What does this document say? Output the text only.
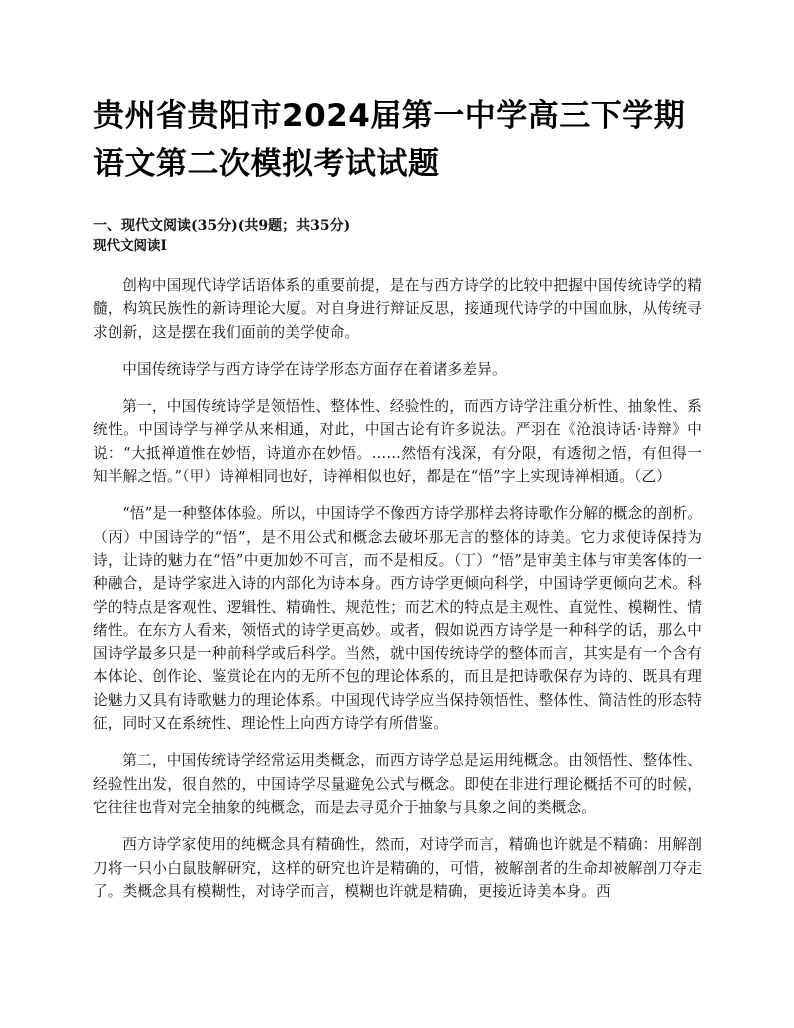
贵州省贵阳市2024届第一中学高三下学期语文第二次模拟考试试题
一、现代文阅读(35分)(共9题；共35分)
现代文阅读I

创构中国现代诗学话语体系的重要前提，是在与西方诗学的比较中把握中国传统诗学的精髓，构筑民族性的新诗理论大厦。对自身进行辩证反思，接通现代诗学的中国血脉，从传统寻求创新，这是摆在我们面前的美学使命。

中国传统诗学与西方诗学在诗学形态方面存在着诸多差异。

第一，中国传统诗学是领悟性、整体性、经验性的，而西方诗学注重分析性、抽象性、系统性。中国诗学与禅学从来相通，对此，中国古论有许多说法。严羽在《沧浪诗话·诗辩》中说：“大抵禅道惟在妙悟，诗道亦在妙悟。……然悟有浅深，有分限，有透彻之悟，有但得一知半解之悟。”（甲）诗禅相同也好，诗禅相似也好，都是在“悟”字上实现诗禅相通。（乙）

“悟”是一种整体体验。所以，中国诗学不像西方诗学那样去将诗歌作分解的概念的剖析。（丙）中国诗学的“悟”，是不用公式和概念去破坏那无言的整体的诗美。它力求使诗保持为诗，让诗的魅力在“悟”中更加妙不可言，而不是相反。（丁）“悟”是审美主体与审美客体的一种融合，是诗学家进入诗的内部化为诗本身。西方诗学更倾向科学，中国诗学更倾向艺术。科学的特点是客观性、逻辑性、精确性、规范性；而艺术的特点是主观性、直觉性、模糊性、情绪性。在东方人看来，领悟式的诗学更高妙。或者，假如说西方诗学是一种科学的话，那么中国诗学最多只是一种前科学或后科学。当然，就中国传统诗学的整体而言，其实是有一个含有本体论、创作论、鉴赏论在内的无所不包的理论体系的，而且是把诗歌保存为诗的、既具有理论魅力又具有诗歌魅力的理论体系。中国现代诗学应当保持领悟性、整体性、简洁性的形态特征，同时又在系统性、理论性上向西方诗学有所借鉴。

第二，中国传统诗学经常运用类概念，而西方诗学总是运用纯概念。由领悟性、整体性、经验性出发，很自然的，中国诗学尽量避免公式与概念。即使在非进行理论概括不可的时候，它往往也背对完全抽象的纯概念，而是去寻觅介于抽象与具象之间的类概念。

西方诗学家使用的纯概念具有精确性，然而，对诗学而言，精确也许就是不精确：用解剖刀将一只小白鼠肢解研究，这样的研究也许是精确的，可惜，被解剖者的生命却被解剖刀夺走了。类概念具有模糊性，对诗学而言，模糊也许就是精确，更接近诗美本身。西
